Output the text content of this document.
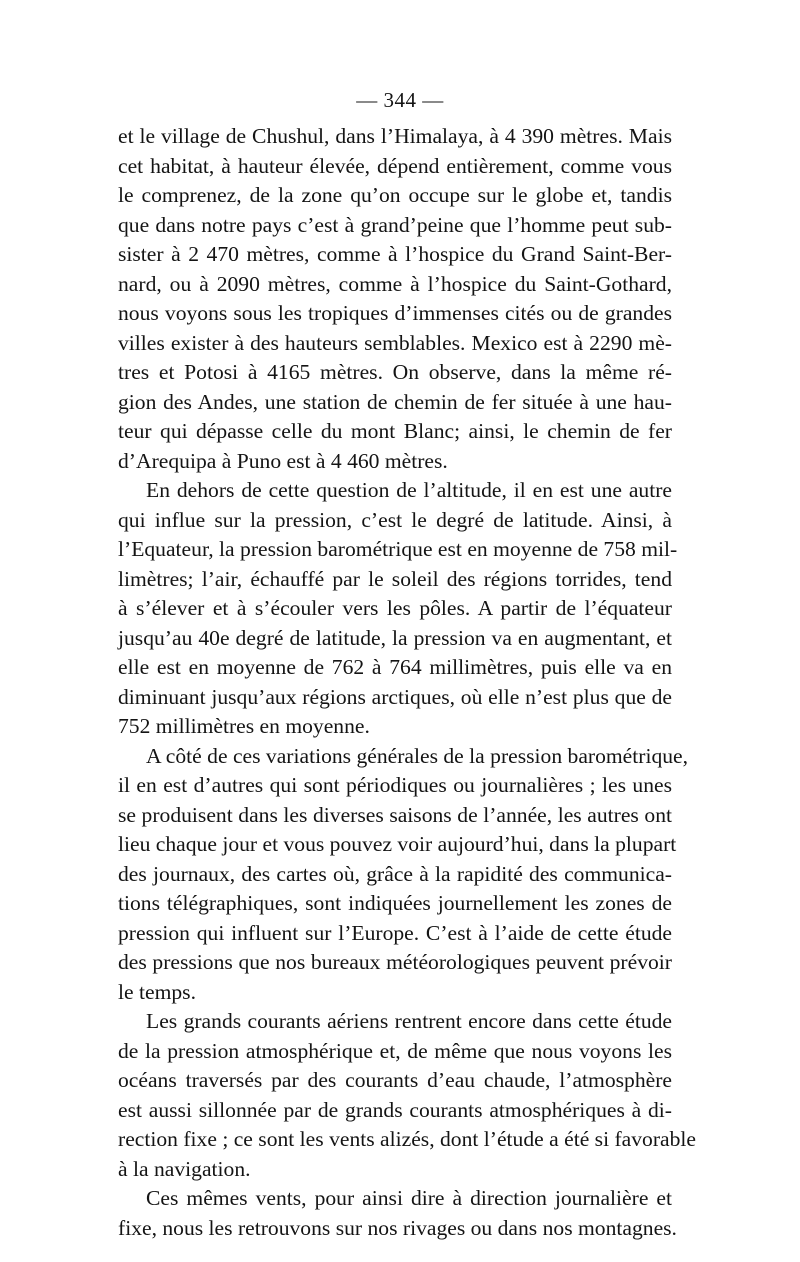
— 344 —
et le village de Chushul, dans l’Himalaya, à 4 390 mètres. Mais
cet habitat, à hauteur élevée, dépend entièrement, comme vous
le comprenez, de la zone qu’on occupe sur le globe et, tandis
que dans notre pays c’est à grand’peine que l’homme peut sub-
sister à 2 470 mètres, comme à l’hospice du Grand Saint-Ber-
nard, ou à 2090 mètres, comme à l’hospice du Saint-Gothard,
nous voyons sous les tropiques d’immenses cités ou de grandes
villes exister à des hauteurs semblables. Mexico est à 2290 mè-
tres et Potosi à 4165 mètres. On observe, dans la même ré-
gion des Andes, une station de chemin de fer située à une hau-
teur qui dépasse celle du mont Blanc; ainsi, le chemin de fer
d’Arequipa à Puno est à 4 460 mètres.
En dehors de cette question de l’altitude, il en est une autre
qui influe sur la pression, c’est le degré de latitude. Ainsi, à
l’Equateur, la pression barométrique est en moyenne de 758 mil-
limètres; l’air, échauffé par le soleil des régions torrides, tend
à s’élever et à s’écouler vers les pôles. A partir de l’équateur
jusqu’au 40e degré de latitude, la pression va en augmentant, et
elle est en moyenne de 762 à 764 millimètres, puis elle va en
diminuant jusqu’aux régions arctiques, où elle n’est plus que de
752 millimètres en moyenne.
A côté de ces variations générales de la pression barométrique,
il en est d’autres qui sont périodiques ou journalières ; les unes
se produisent dans les diverses saisons de l’année, les autres ont
lieu chaque jour et vous pouvez voir aujourd’hui, dans la plupart
des journaux, des cartes où, grâce à la rapidité des communica-
tions télégraphiques, sont indiquées journellement les zones de
pression qui influent sur l’Europe. C’est à l’aide de cette étude
des pressions que nos bureaux météorologiques peuvent prévoir
le temps.
Les grands courants aériens rentrent encore dans cette étude
de la pression atmosphérique et, de même que nous voyons les
océans traversés par des courants d’eau chaude, l’atmosphère
est aussi sillonnée par de grands courants atmosphériques à di-
rection fixe ; ce sont les vents alizés, dont l’étude a été si favorable
à la navigation.
Ces mêmes vents, pour ainsi dire à direction journalière et
fixe, nous les retrouvons sur nos rivages ou dans nos montagnes.
